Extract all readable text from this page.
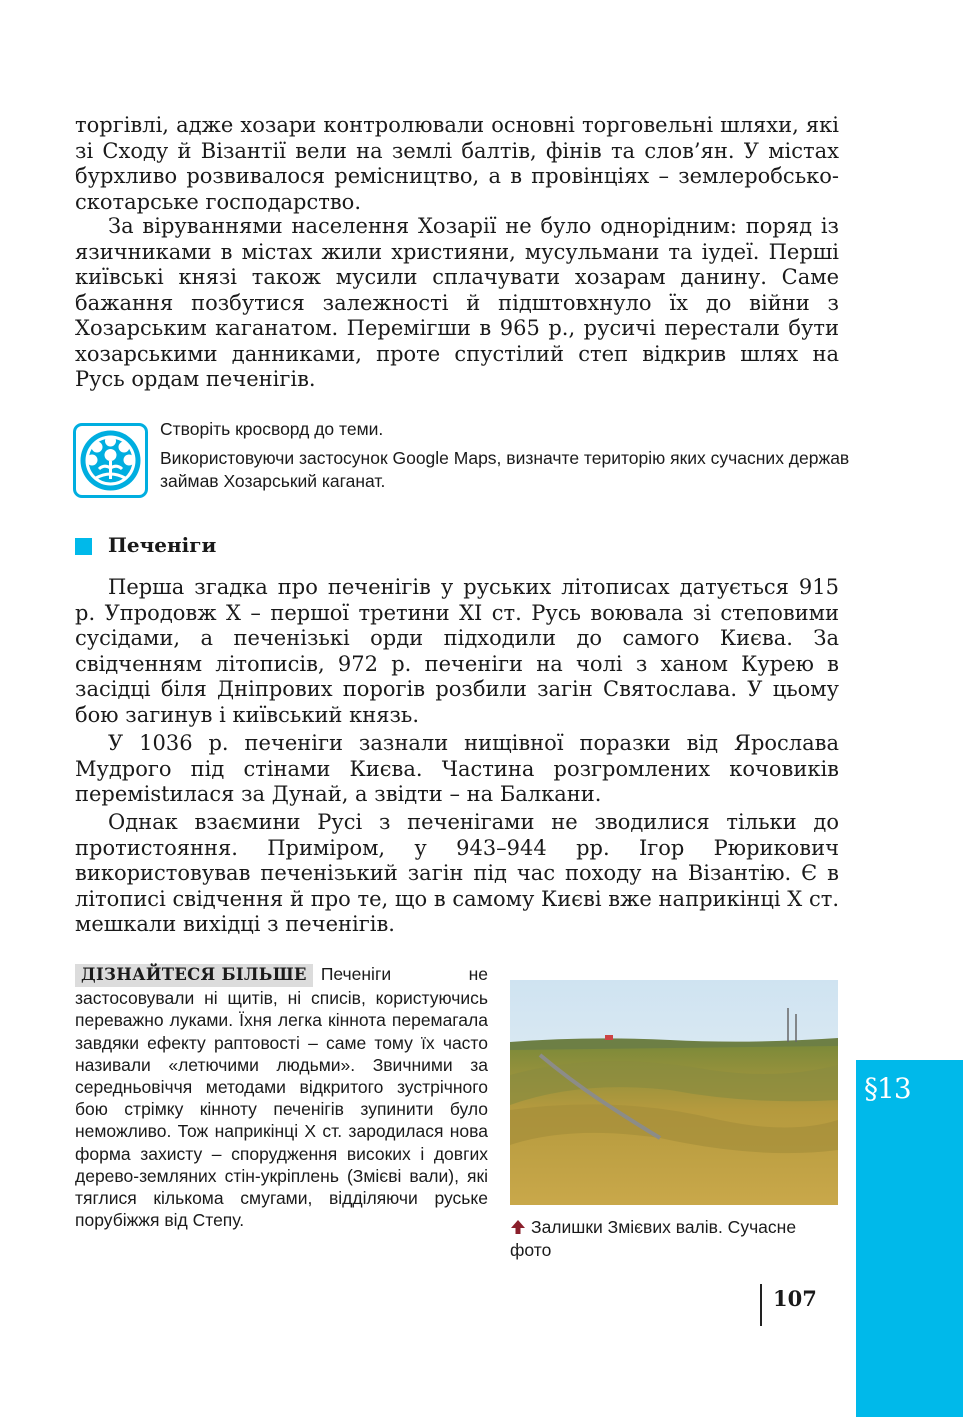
торгівлі, адже хозари контролювали основні торговельні шляхи, які зі Сходу й Візантії вели на землі балтів, фінів та слов’ян. У містах бурхливо розвивалося ремісництво, а в провінціях – землеробсько-скотарське господарство.

За віруваннями населення Хозарії не було однорідним: поряд із язичниками в містах жили християни, мусульмани та іудеї. Перші київські князі також мусили сплачувати хозарам данину. Саме бажання позбутися залежності й підштовхнуло їх до війни з Хозарським каганатом. Перемігши в 965 р., русичі перестали бути хозарськими данниками, проте спустілий степ відкрив шлях на Русь ордам печенігів.

Створіть кросворд до теми.

Використовуючи застосунок Google Maps, визначте територію яких сучасних держав займав Хозарський каганат.

Печеніги

Перша згадка про печенігів у руських літописах датується 915 р. Упродовж Х – першої третини XI ст. Русь воювала зі степовими сусідами, а печенізькі орди підходили до самого Києва. За свідченням літописів, 972 р. печеніги на чолі з ханом Курею в засідці біля Дніпрових порогів розбили загін Святослава. У цьому бою загинув і київський князь.

У 1036 р. печеніги зазнали нищівної поразки від Ярослава Мудрого під стінами Києва. Частина розгромлених кочовиків переміstилася за Дунай, а звідти – на Балкани.

Однак взаємини Русі з печенігами не зводилися тільки до протистояння. Приміром, у 943–944 рр. Ігор Рюрикович використовував печенізький загін під час походу на Візантію. Є в літописі свідчення й про те, що в самому Києві вже наприкінці Х ст. мешкали вихідці з печенігів.

ДІЗНАЙТЕСЯ БІЛЬШЕ Печеніги не застосовували ні щитів, ні списів, користуючись переважно луками. Їхня легка кіннота перемагала завдяки ефекту раптовості – саме тому їх часто називали «летючими людьми». Звичними за середньовіччя методами відкритого зустрічного бою стрімку кінноту печенігів зупинити було неможливо. Тож наприкінці Х ст. зародилася нова форма захисту – спорудження високих і довгих дерево-земляних стін-укріплень (Змієві вали), які тяглися кількома смугами, відділяючи руське порубіжжя від Степу.	Залишки Змієвих валів. Сучасне фото

107
§13
